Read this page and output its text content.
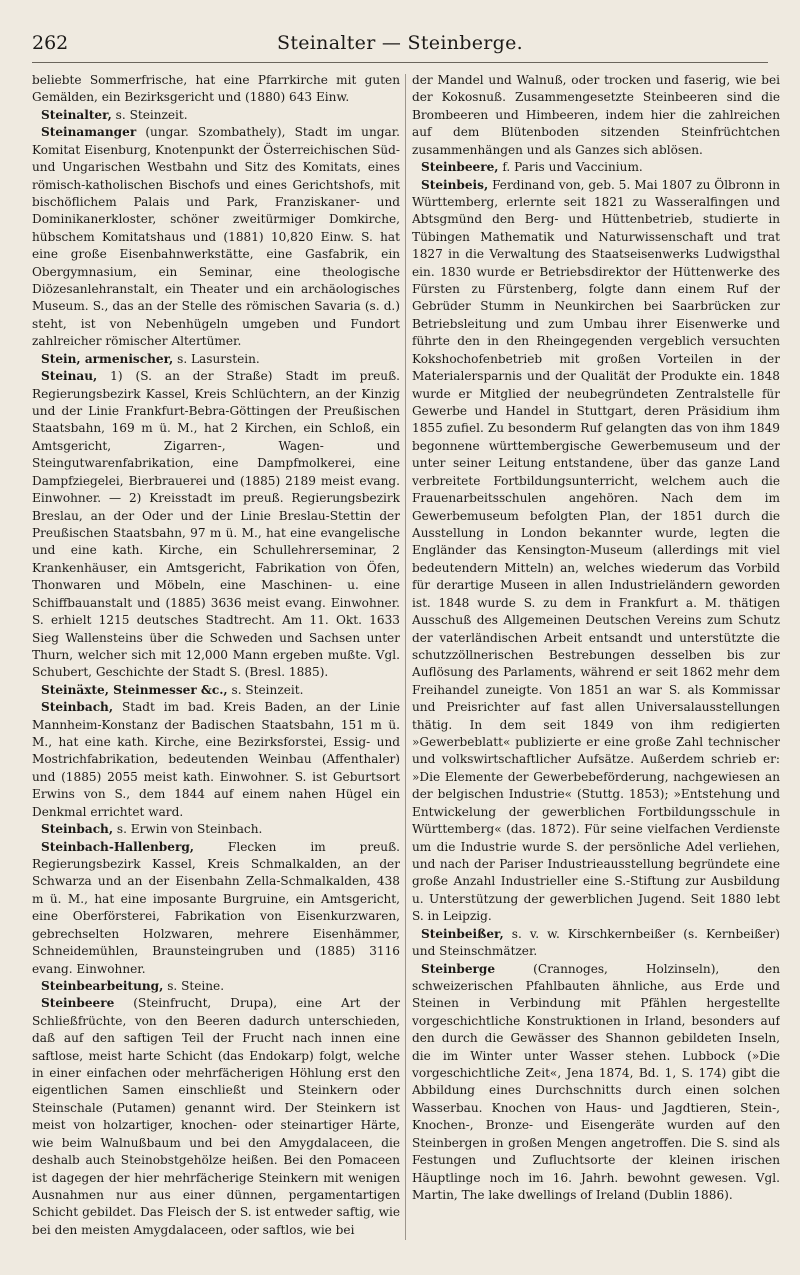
262	Steinalter — Steinberge.

beliebte Sommerfrische, hat eine Pfarrkirche mit guten Gemälden, ein Bezirksgericht und (1880) 643 Einw.

Steinalter, s. Steinzeit.

Steinamanger (ungar. Szombathely), Stadt im ungar. Komitat Eisenburg, Knotenpunkt der Österreichischen Süd- und Ungarischen Westbahn und Sitz des Komitats, eines römisch-katholischen Bischofs und eines Gerichtshofs, mit bischöflichem Palais und Park, Franziskaner- und Dominikanerkloster, schöner zweitürmiger Domkirche, hübschem Komitatshaus und (1881) 10,820 Einw. S. hat eine große Eisenbahnwerkstätte, eine Gasfabrik, ein Obergymnasium, ein Seminar, eine theologische Diözesanlehranstalt, ein Theater und ein archäologisches Museum. S., das an der Stelle des römischen Savaria (s. d.) steht, ist von Nebenhügeln umgeben und Fundort zahlreicher römischer Altertümer.

Stein, armenischer, s. Lasurstein.

Steinau, 1) (S. an der Straße) Stadt im preuß. Regierungsbezirk Kassel, Kreis Schlüchtern, an der Kinzig und der Linie Frankfurt-Bebra-Göttingen der Preußischen Staatsbahn, 169 m ü. M., hat 2 Kirchen, ein Schloß, ein Amtsgericht, Zigarren-, Wagen- und Steingutwarenfabrikation, eine Dampfmolkerei, eine Dampfziegelei, Bierbrauerei und (1885) 2189 meist evang. Einwohner. — 2) Kreisstadt im preuß. Regierungsbezirk Breslau, an der Oder und der Linie Breslau-Stettin der Preußischen Staatsbahn, 97 m ü. M., hat eine evangelische und eine kath. Kirche, ein Schullehrerseminar, 2 Krankenhäuser, ein Amtsgericht, Fabrikation von Öfen, Thonwaren und Möbeln, eine Maschinen- u. eine Schiffbauanstalt und (1885) 3636 meist evang. Einwohner. S. erhielt 1215 deutsches Stadtrecht. Am 11. Okt. 1633 Sieg Wallensteins über die Schweden und Sachsen unter Thurn, welcher sich mit 12,000 Mann ergeben mußte. Vgl. Schubert, Geschichte der Stadt S. (Bresl. 1885).

Steinäxte, Steinmesser &c., s. Steinzeit.

Steinbach, Stadt im bad. Kreis Baden, an der Linie Mannheim-Konstanz der Badischen Staatsbahn, 151 m ü. M., hat eine kath. Kirche, eine Bezirksforstei, Essig- und Mostrichfabrikation, bedeutenden Weinbau (Affenthaler) und (1885) 2055 meist kath. Einwohner. S. ist Geburtsort Erwins von S., dem 1844 auf einem nahen Hügel ein Denkmal errichtet ward.

Steinbach, s. Erwin von Steinbach.

Steinbach-Hallenberg, Flecken im preuß. Regierungsbezirk Kassel, Kreis Schmalkalden, an der Schwarza und an der Eisenbahn Zella-Schmalkalden, 438 m ü. M., hat eine imposante Burgruine, ein Amtsgericht, eine Oberförsterei, Fabrikation von Eisenkurzwaren, gebrechselten Holzwaren, mehrere Eisenhämmer, Schneidemühlen, Braunsteingruben und (1885) 3116 evang. Einwohner.

Steinbearbeitung, s. Steine.

Steinbeere (Steinfrucht, Drupa), eine Art der Schließfrüchte, von den Beeren dadurch unterschieden, daß auf den saftigen Teil der Frucht nach innen eine saftlose, meist harte Schicht (das Endokarp) folgt, welche in einer einfachen oder mehrfächerigen Höhlung erst den eigentlichen Samen einschließt und Steinkern oder Steinschale (Putamen) genannt wird. Der Steinkern ist meist von holzartiger, knochen- oder steinartiger Härte, wie beim Walnußbaum und bei den Amygdalaceen, die deshalb auch Steinobstgehölze heißen. Bei den Pomaceen ist dagegen der hier mehrfächerige Steinkern mit wenigen Ausnahmen nur aus einer dünnen, pergamentartigen Schicht gebildet. Das Fleisch der S. ist entweder saftig, wie bei den meisten Amygdalaceen, oder saftlos, wie bei

der Mandel und Walnuß, oder trocken und faserig, wie bei der Kokosnuß. Zusammengesetzte Steinbeeren sind die Brombeeren und Himbeeren, indem hier die zahlreichen auf dem Blütenboden sitzenden Steinfrüchtchen zusammenhängen und als Ganzes sich ablösen.

Steinbeere, f. Paris und Vaccinium.

Steinbeis, Ferdinand von, geb. 5. Mai 1807 zu Ölbronn in Württemberg, erlernte seit 1821 zu Wasseralfingen und Abtsgmünd den Berg- und Hüttenbetrieb, studierte in Tübingen Mathematik und Naturwissenschaft und trat 1827 in die Verwaltung des Staatseisenwerks Ludwigsthal ein. 1830 wurde er Betriebsdirektor der Hüttenwerke des Fürsten zu Fürstenberg, folgte dann einem Ruf der Gebrüder Stumm in Neunkirchen bei Saarbrücken zur Betriebsleitung und zum Umbau ihrer Eisenwerke und führte den in den Rheingegenden vergeblich versuchten Kokshochofenbetrieb mit großen Vorteilen in der Materialersparnis und der Qualität der Produkte ein. 1848 wurde er Mitglied der neubegründeten Zentralstelle für Gewerbe und Handel in Stuttgart, deren Präsidium ihm 1855 zufiel. Zu besonderm Ruf gelangten das von ihm 1849 begonnene württembergische Gewerbemuseum und der unter seiner Leitung entstandene, über das ganze Land verbreitete Fortbildungsunterricht, welchem auch die Frauenarbeitsschulen angehören. Nach dem im Gewerbemuseum befolgten Plan, der 1851 durch die Ausstellung in London bekannter wurde, legten die Engländer das Kensington-Museum (allerdings mit viel bedeutendern Mitteln) an, welches wiederum das Vorbild für derartige Museen in allen Industrieländern geworden ist. 1848 wurde S. zu dem in Frankfurt a. M. thätigen Ausschuß des Allgemeinen Deutschen Vereins zum Schutz der vaterländischen Arbeit entsandt und unterstützte die schutzzöllnerischen Bestrebungen desselben bis zur Auflösung des Parlaments, während er seit 1862 mehr dem Freihandel zuneigte. Von 1851 an war S. als Kommissar und Preisrichter auf fast allen Universalausstellungen thätig. In dem seit 1849 von ihm redigierten »Gewerbeblatt« publizierte er eine große Zahl technischer und volkswirtschaftlicher Aufsätze. Außerdem schrieb er: »Die Elemente der Gewerbebeförderung, nachgewiesen an der belgischen Industrie« (Stuttg. 1853); »Entstehung und Entwickelung der gewerblichen Fortbildungsschule in Württemberg« (das. 1872). Für seine vielfachen Verdienste um die Industrie wurde S. der persönliche Adel verliehen, und nach der Pariser Industrieausstellung begründete eine große Anzahl Industrieller eine S.-Stiftung zur Ausbildung u. Unterstützung der gewerblichen Jugend. Seit 1880 lebt S. in Leipzig.

Steinbeißer, s. v. w. Kirschkernbeißer (s. Kernbeißer) und Steinschmätzer.

Steinberge (Crannoges, Holzinseln), den schweizerischen Pfahlbauten ähnliche, aus Erde und Steinen in Verbindung mit Pfählen hergestellte vorgeschichtliche Konstruktionen in Irland, besonders auf den durch die Gewässer des Shannon gebildeten Inseln, die im Winter unter Wasser stehen. Lubbock (»Die vorgeschichtliche Zeit«, Jena 1874, Bd. 1, S. 174) gibt die Abbildung eines Durchschnitts durch einen solchen Wasserbau. Knochen von Haus- und Jagdtieren, Stein-, Knochen-, Bronze- und Eisengeräte wurden auf den Steinbergen in großen Mengen angetroffen. Die S. sind als Festungen und Zufluchtsorte der kleinen irischen Häuptlinge noch im 16. Jahrh. bewohnt gewesen. Vgl. Martin, The lake dwellings of Ireland (Dublin 1886).
